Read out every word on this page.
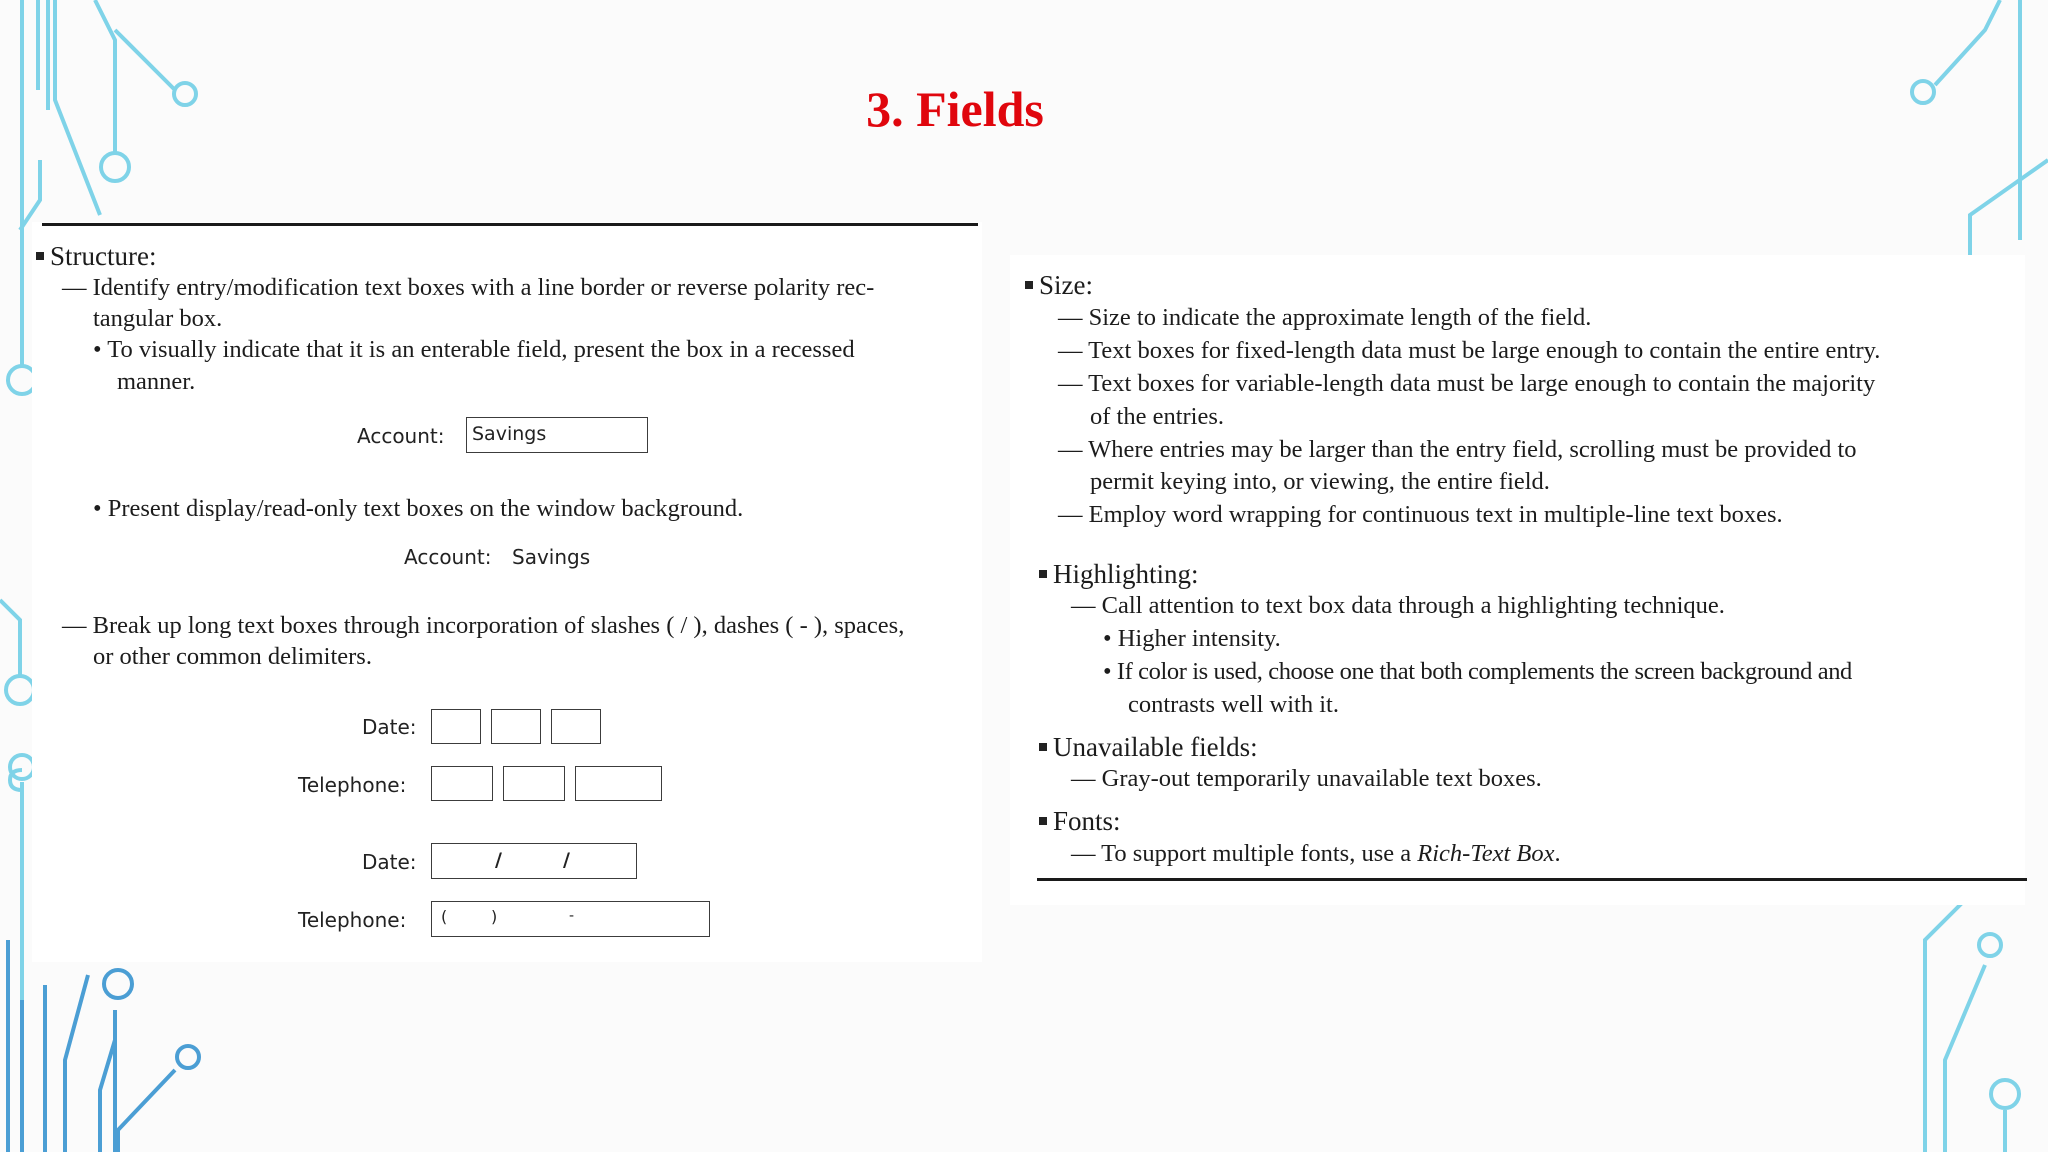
3. Fields
Structure:
— Identify entry/modification text boxes with a line border or reverse polarity rec-
tangular box.
• To visually indicate that it is an enterable field, present the box in a recessed
manner.
Account: Savings
• Present display/read-only text boxes on the window background.
Account: Savings
— Break up long text boxes through incorporation of slashes ( / ), dashes ( - ), spaces,
or other common delimiters.
Date:
Telephone:
Date:	/	/
Telephone: (	)	-
Size:
— Size to indicate the approximate length of the field.
— Text boxes for fixed-length data must be large enough to contain the entire entry.
— Text boxes for variable-length data must be large enough to contain the majority
of the entries.
— Where entries may be larger than the entry field, scrolling must be provided to
permit keying into, or viewing, the entire field.
— Employ word wrapping for continuous text in multiple-line text boxes.
Highlighting:
— Call attention to text box data through a highlighting technique.
• Higher intensity.
• If color is used, choose one that both complements the screen background and
contrasts well with it.
Unavailable fields:
— Gray-out temporarily unavailable text boxes.
Fonts:
— To support multiple fonts, use a Rich-Text Box.
